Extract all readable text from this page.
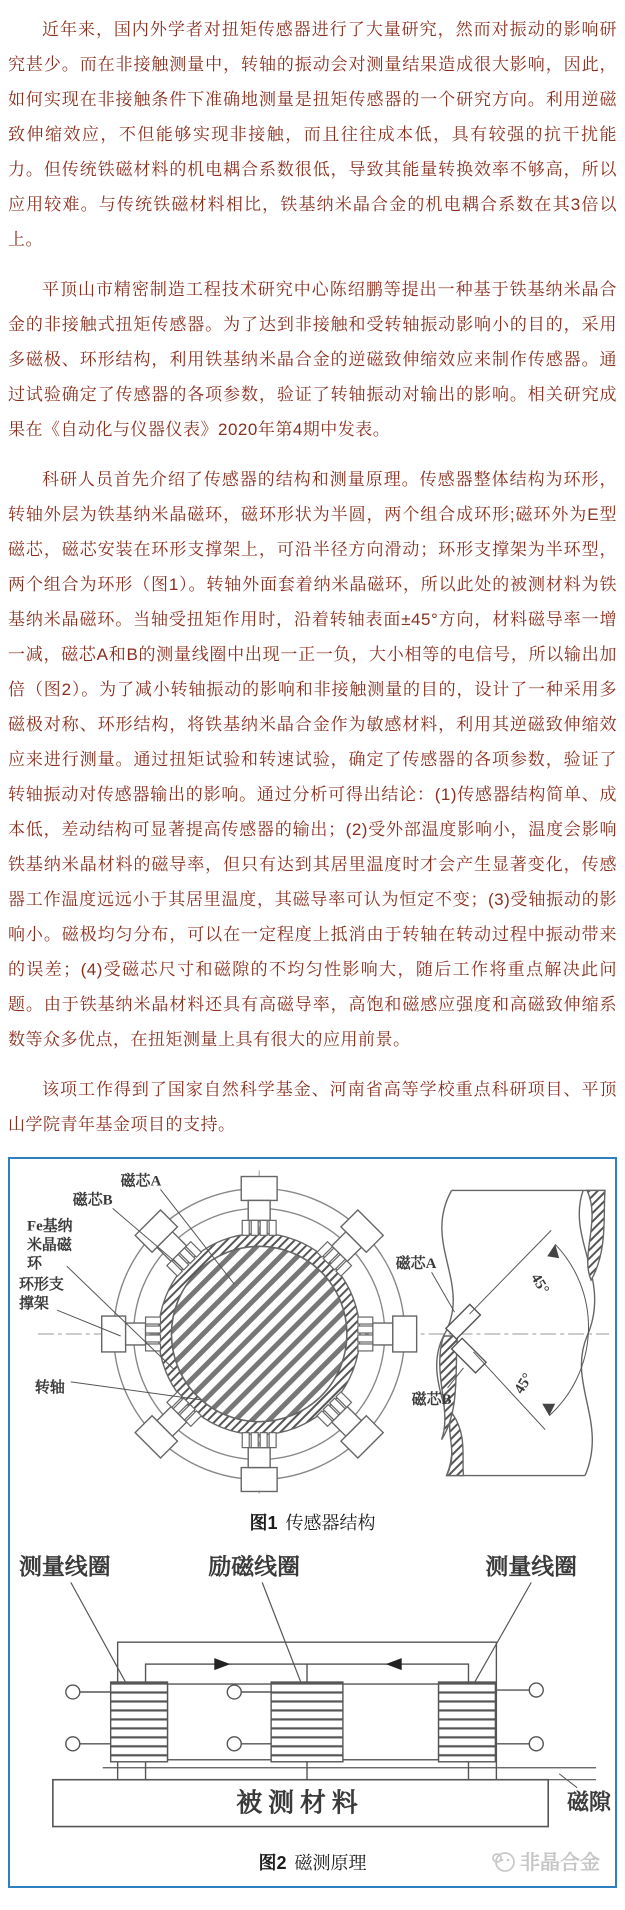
近年来，国内外学者对扭矩传感器进行了大量研究，然而对振动的影响研究甚少。而在非接触测量中，转轴的振动会对测量结果造成很大影响，因此，如何实现在非接触条件下准确地测量是扭矩传感器的一个研究方向。利用逆磁致伸缩效应，不但能够实现非接触，而且往往成本低，具有较强的抗干扰能力。但传统铁磁材料的机电耦合系数很低，导致其能量转换效率不够高，所以应用较难。与传统铁磁材料相比，铁基纳米晶合金的机电耦合系数在其3倍以上。

平顶山市精密制造工程技术研究中心陈绍鹏等提出一种基于铁基纳米晶合金的非接触式扭矩传感器。为了达到非接触和受转轴振动影响小的目的，采用多磁极、环形结构，利用铁基纳米晶合金的逆磁致伸缩效应来制作传感器。通过试验确定了传感器的各项参数，验证了转轴振动对输出的影响。相关研究成果在《自动化与仪器仪表》2020年第4期中发表。

科研人员首先介绍了传感器的结构和测量原理。传感器整体结构为环形，转轴外层为铁基纳米晶磁环，磁环形状为半圆，两个组合成环形;磁环外为E型磁芯，磁芯安装在环形支撑架上，可沿半径方向滑动；环形支撑架为半环型，两个组合为环形（图1）。转轴外面套着纳米晶磁环，所以此处的被测材料为铁基纳米晶磁环。当轴受扭矩作用时，沿着转轴表面±45°方向，材料磁导率一增一减，磁芯A和B的测量线圈中出现一正一负，大小相等的电信号，所以输出加倍（图2）。为了减小转轴振动的影响和非接触测量的目的，设计了一种采用多磁极对称、环形结构，将铁基纳米晶合金作为敏感材料，利用其逆磁致伸缩效应来进行测量。通过扭矩试验和转速试验，确定了传感器的各项参数，验证了转轴振动对传感器输出的影响。通过分析可得出结论：(1)传感器结构简单、成本低，差动结构可显著提高传感器的输出；(2)受外部温度影响小，温度会影响铁基纳米晶材料的磁导率，但只有达到其居里温度时才会产生显著变化，传感器工作温度远远小于其居里温度，其磁导率可认为恒定不变；(3)受轴振动的影响小。磁极均匀分布，可以在一定程度上抵消由于转轴在转动过程中振动带来的误差；(4)受磁芯尺寸和磁隙的不均匀性影响大，随后工作将重点解决此问题。由于铁基纳米晶材料还具有高磁导率，高饱和磁感应强度和高磁致伸缩系数等众多优点，在扭矩测量上具有很大的应用前景。

该项工作得到了国家自然科学基金、河南省高等学校重点科研项目、平顶山学院青年基金项目的支持。

磁芯A
磁芯B
Fe基纳
米晶磁
环
环形支
撑架
转轴
45°
45°
磁芯A
磁芯B
图1 传感器结构
测量线圈	励磁线圈	测量线圈
被测材料	磁隙
图2 磁测原理	非晶合金
